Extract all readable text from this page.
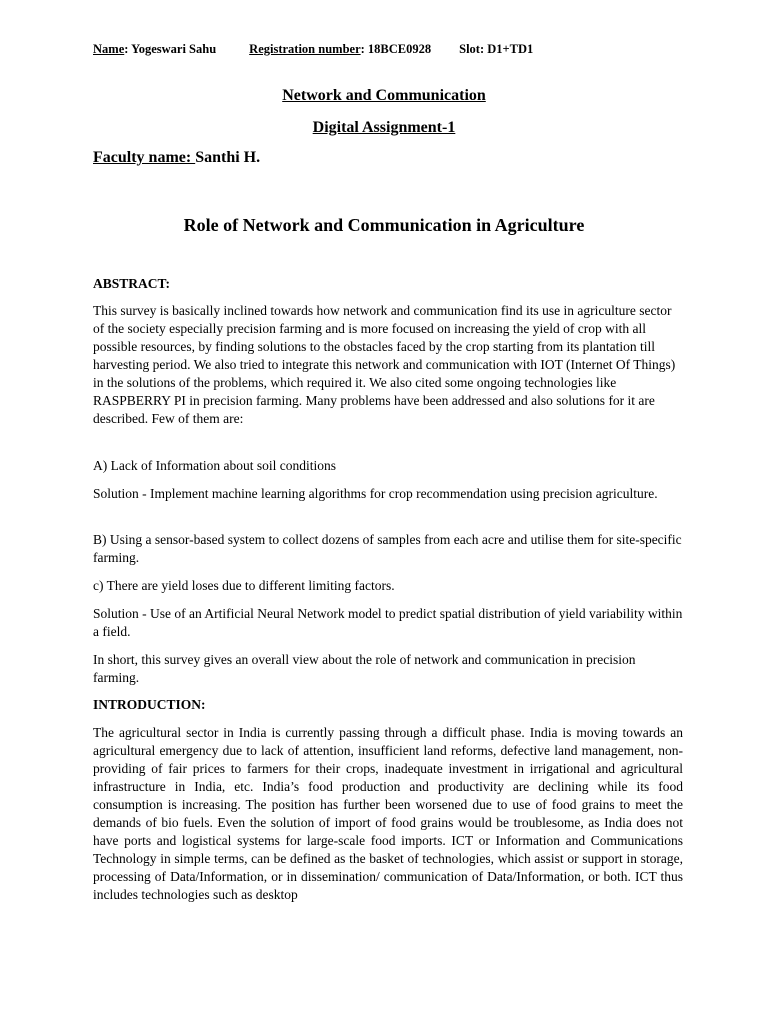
Name: Yogeswari Sahu	Registration number: 18BCE0928 Slot: D1+TD1
Network and Communication
Digital Assignment-1
Faculty name: Santhi H.
Role of Network and Communication in Agriculture
ABSTRACT:

This survey is basically inclined towards how network and communication find its use in agriculture sector of the society especially precision farming and is more focused on increasing the yield of crop with all possible resources, by finding solutions to the obstacles faced by the crop starting from its plantation till harvesting period. We also tried to integrate this network and communication with IOT (Internet Of Things) in the solutions of the problems, which required it. We also cited some ongoing technologies like RASPBERRY PI in precision farming. Many problems have been addressed and also solutions for it are described. Few of them are:

A) Lack of Information about soil conditions

Solution - Implement machine learning algorithms for crop recommendation using precision agriculture.

B) Using a sensor-based system to collect dozens of samples from each acre and utilise them for site-specific farming.

c) There are yield loses due to different limiting factors.

Solution - Use of an Artificial Neural Network model to predict spatial distribution of yield variability within a field.

In short, this survey gives an overall view about the role of network and communication in precision farming.

INTRODUCTION:

The agricultural sector in India is currently passing through a difficult phase. India is moving towards an agricultural emergency due to lack of attention, insufficient land reforms, defective land management, non-providing of fair prices to farmers for their crops, inadequate investment in irrigational and agricultural infrastructure in India, etc. India’s food production and productivity are declining while its food consumption is increasing. The position has further been worsened due to use of food grains to meet the demands of bio fuels. Even the solution of import of food grains would be troublesome, as India does not have ports and logistical systems for large-scale food imports. ICT or Information and Communications Technology in simple terms, can be defined as the basket of technologies, which assist or support in storage, processing of Data/Information, or in dissemination/ communication of Data/Information, or both. ICT thus includes technologies such as desktop
